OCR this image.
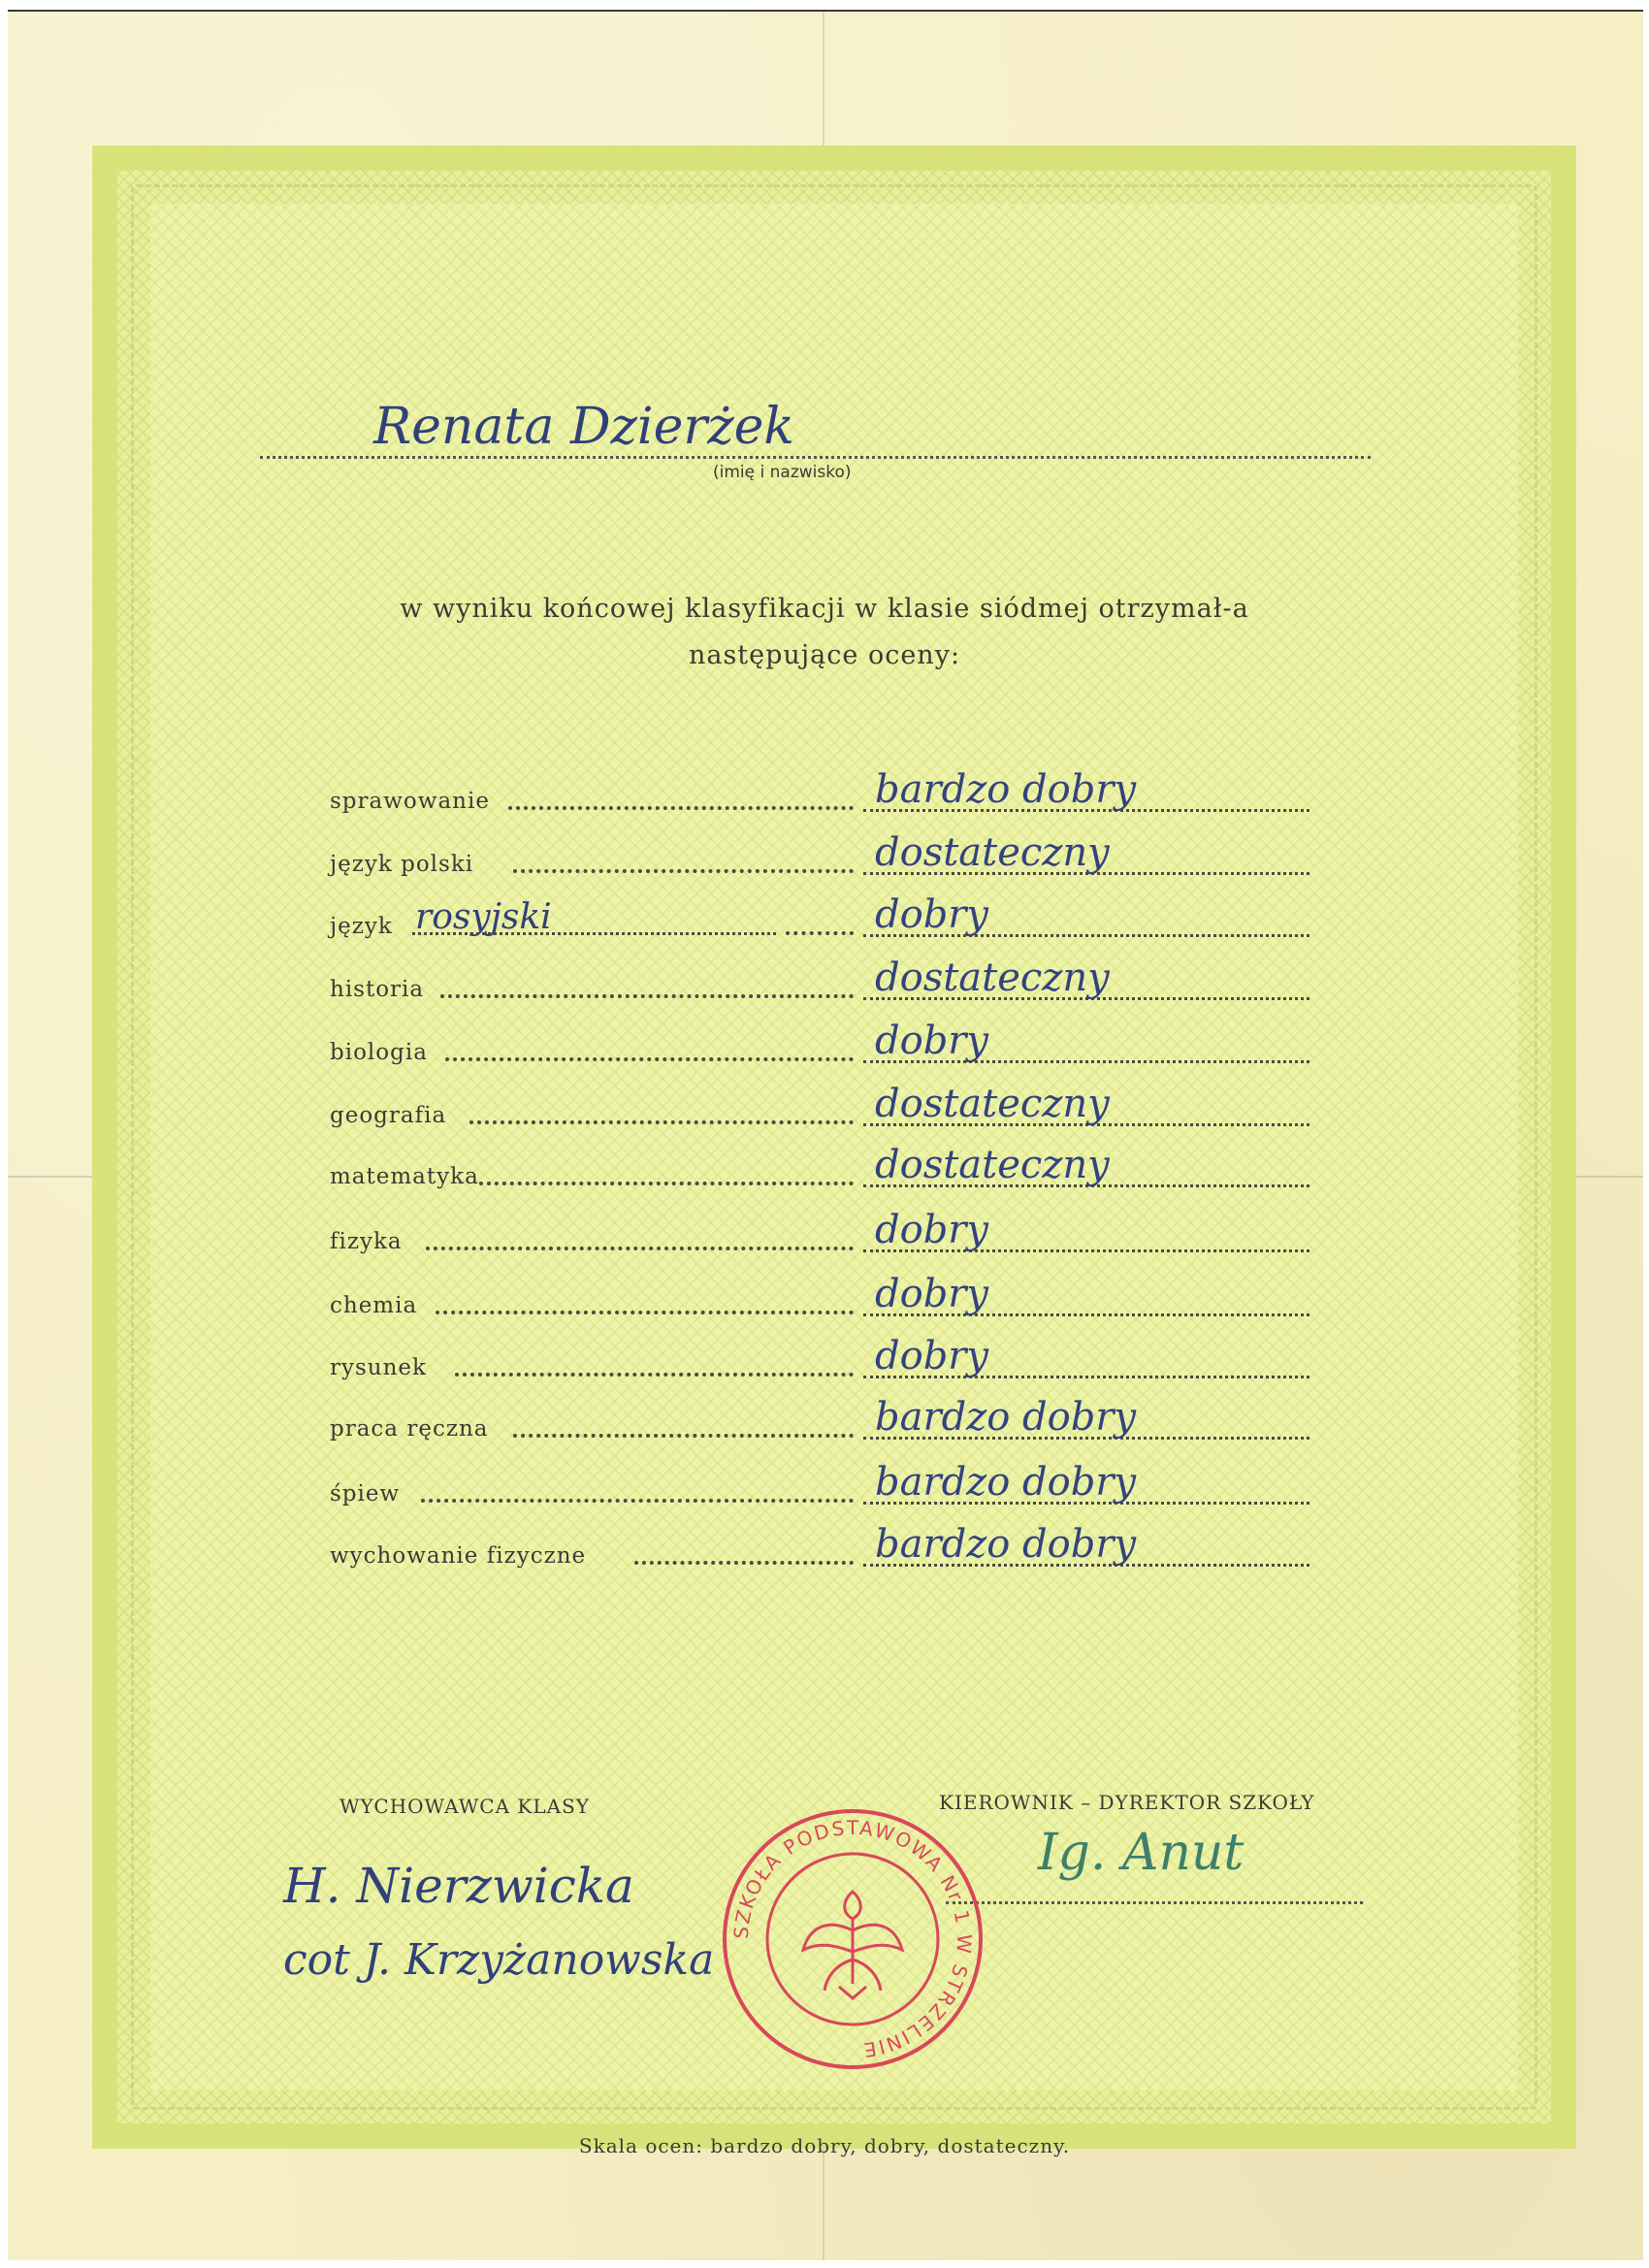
Renata Dzierżek
(imię i nazwisko)
w wyniku końcowej klasyfikacji w klasie siódmej otrzymał-a
następujące oceny:
sprawowanie	bardzo dobry
język polski	dostateczny
język rosyjski	dobry
historia	dostateczny
biologia	dobry
geografia	dostateczny
matematyka	dostateczny
fizyka	dobry
chemia	dobry
rysunek	dobry
praca ręczna	bardzo dobry
śpiew	bardzo dobry
wychowanie fizyczne	bardzo dobry
WYCHOWAWCA KLASY
H. Nierzwicka
cot J. Krzyżanowska
KIEROWNIK – DYREKTOR SZKOŁY
Ig. Anut
SZKOŁA PODSTAWOWA Nr 1 W STRZELINIE
Skala ocen: bardzo dobry, dobry, dostateczny.
